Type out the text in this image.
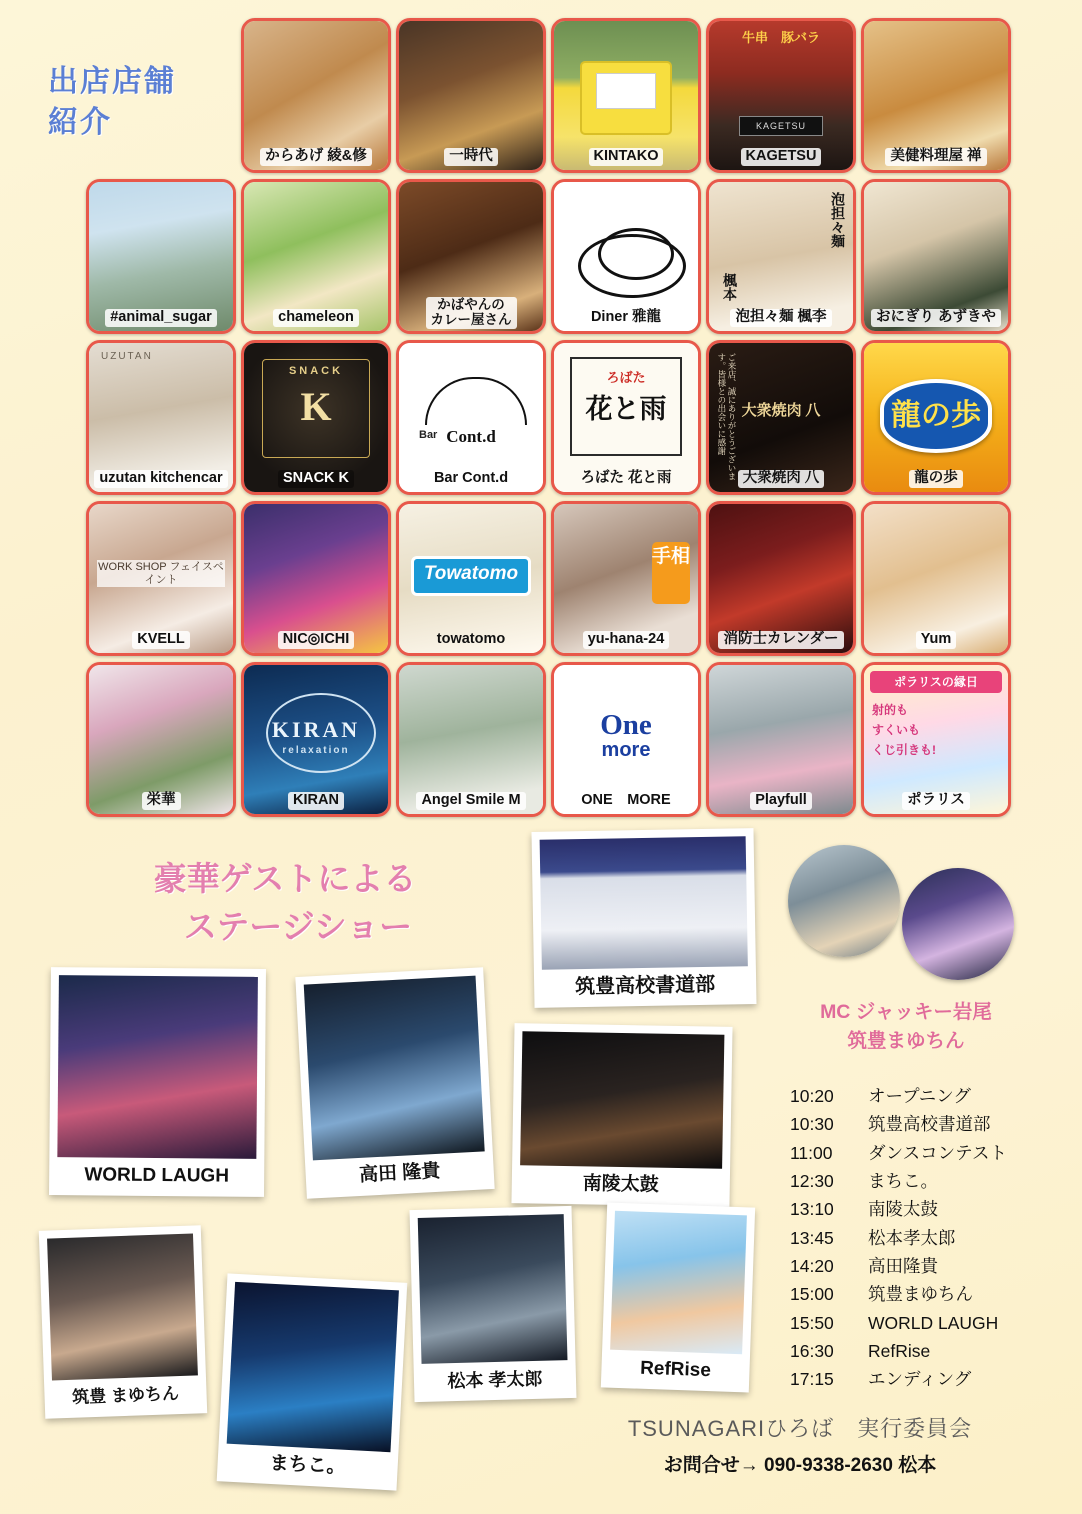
出店店舗
紹介
からあげ 綾&修	一時代	KINTAKO
牛串　豚バラ
KAGETSU
KAGETSU	美健料理屋 禅
#animal_sugar	chameleon
かばやんの
カレー屋さん	Diner 雅龍
泡担々麺
楓本
泡担々麺 楓李	おにぎり あずきや
UZUTAN
uzutan kitchencar
SNACK
K
SNACK K
Bar Cont.d
Bar Cont.d
花と雨
ろばた
ろばた 花と雨	ご来店、誠にありがとうございます。皆様との出会いに感謝 大衆焼肉 八
大衆焼肉 八
龍の歩
龍の歩
WORK SHOP フェイスペイント
KVELL	NIC◎ICHI
Towatomo
towatomo
手相
yu-hana-24	消防士カレンダー	Yum
栄華
KIRAN
relaxation
KIRAN	Angel Smile M
One
more
ONE　MORE	Playfull
ポラリスの縁日
射的も
すくいも
くじ引きも!
ポラリス
豪華ゲストによる
ステージショー
筑豊高校書道部
WORLD LAUGH	高田 隆貴	南陵太鼓
筑豊 まゆちん
まちこ。
松本 孝太郎	RefRise
MC ジャッキー岩尾
筑豊まゆちん
10:20	オープニング
10:30	筑豊高校書道部
11:00	ダンスコンテスト
12:30	まちこ。
13:10	南陵太鼓
13:45	松本孝太郎
14:20	高田隆貴
15:00	筑豊まゆちん
15:50	WORLD LAUGH
16:30	RefRise
17:15	エンディング
TSUNAGARIひろば　実行委員会
お問合せ→ 090-9338-2630 松本
